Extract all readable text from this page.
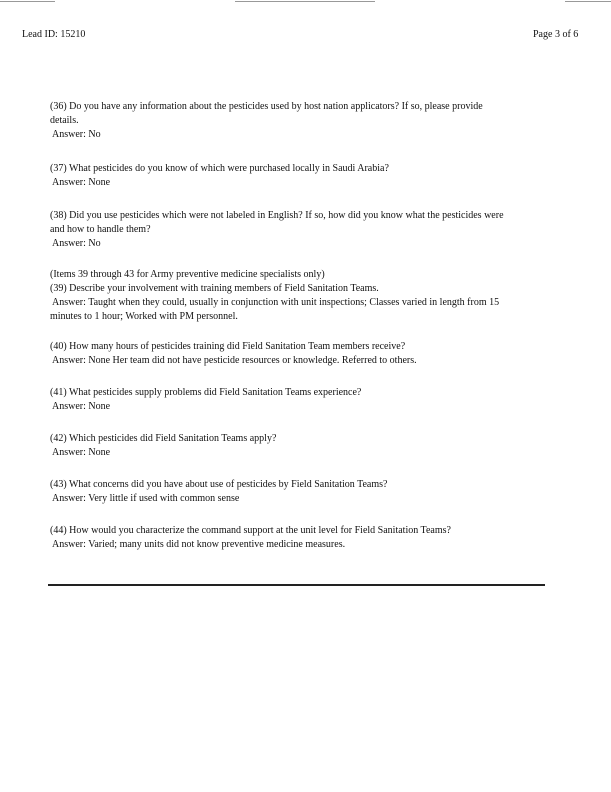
Lead ID: 15210	Page 3 of 6
(36) Do you have any information about the pesticides used by host nation applicators? If so, please provide
details.
Answer: No
(37) What pesticides do you know of which were purchased locally in Saudi Arabia?
Answer: None
(38) Did you use pesticides which were not labeled in English? If so, how did you know what the pesticides were
and how to handle them?
Answer: No
(Items 39 through 43 for Army preventive medicine specialists only)
(39) Describe your involvement with training members of Field Sanitation Teams.
Answer: Taught when they could, usually in conjunction with unit inspections; Classes varied in length from 15
minutes to 1 hour; Worked with PM personnel.
(40) How many hours of pesticides training did Field Sanitation Team members receive?
Answer: None Her team did not have pesticide resources or knowledge. Referred to others.
(41) What pesticides supply problems did Field Sanitation Teams experience?
Answer: None
(42) Which pesticides did Field Sanitation Teams apply?
Answer: None
(43) What concerns did you have about use of pesticides by Field Sanitation Teams?
Answer: Very little if used with common sense
(44) How would you characterize the command support at the unit level for Field Sanitation Teams?
Answer: Varied; many units did not know preventive medicine measures.
